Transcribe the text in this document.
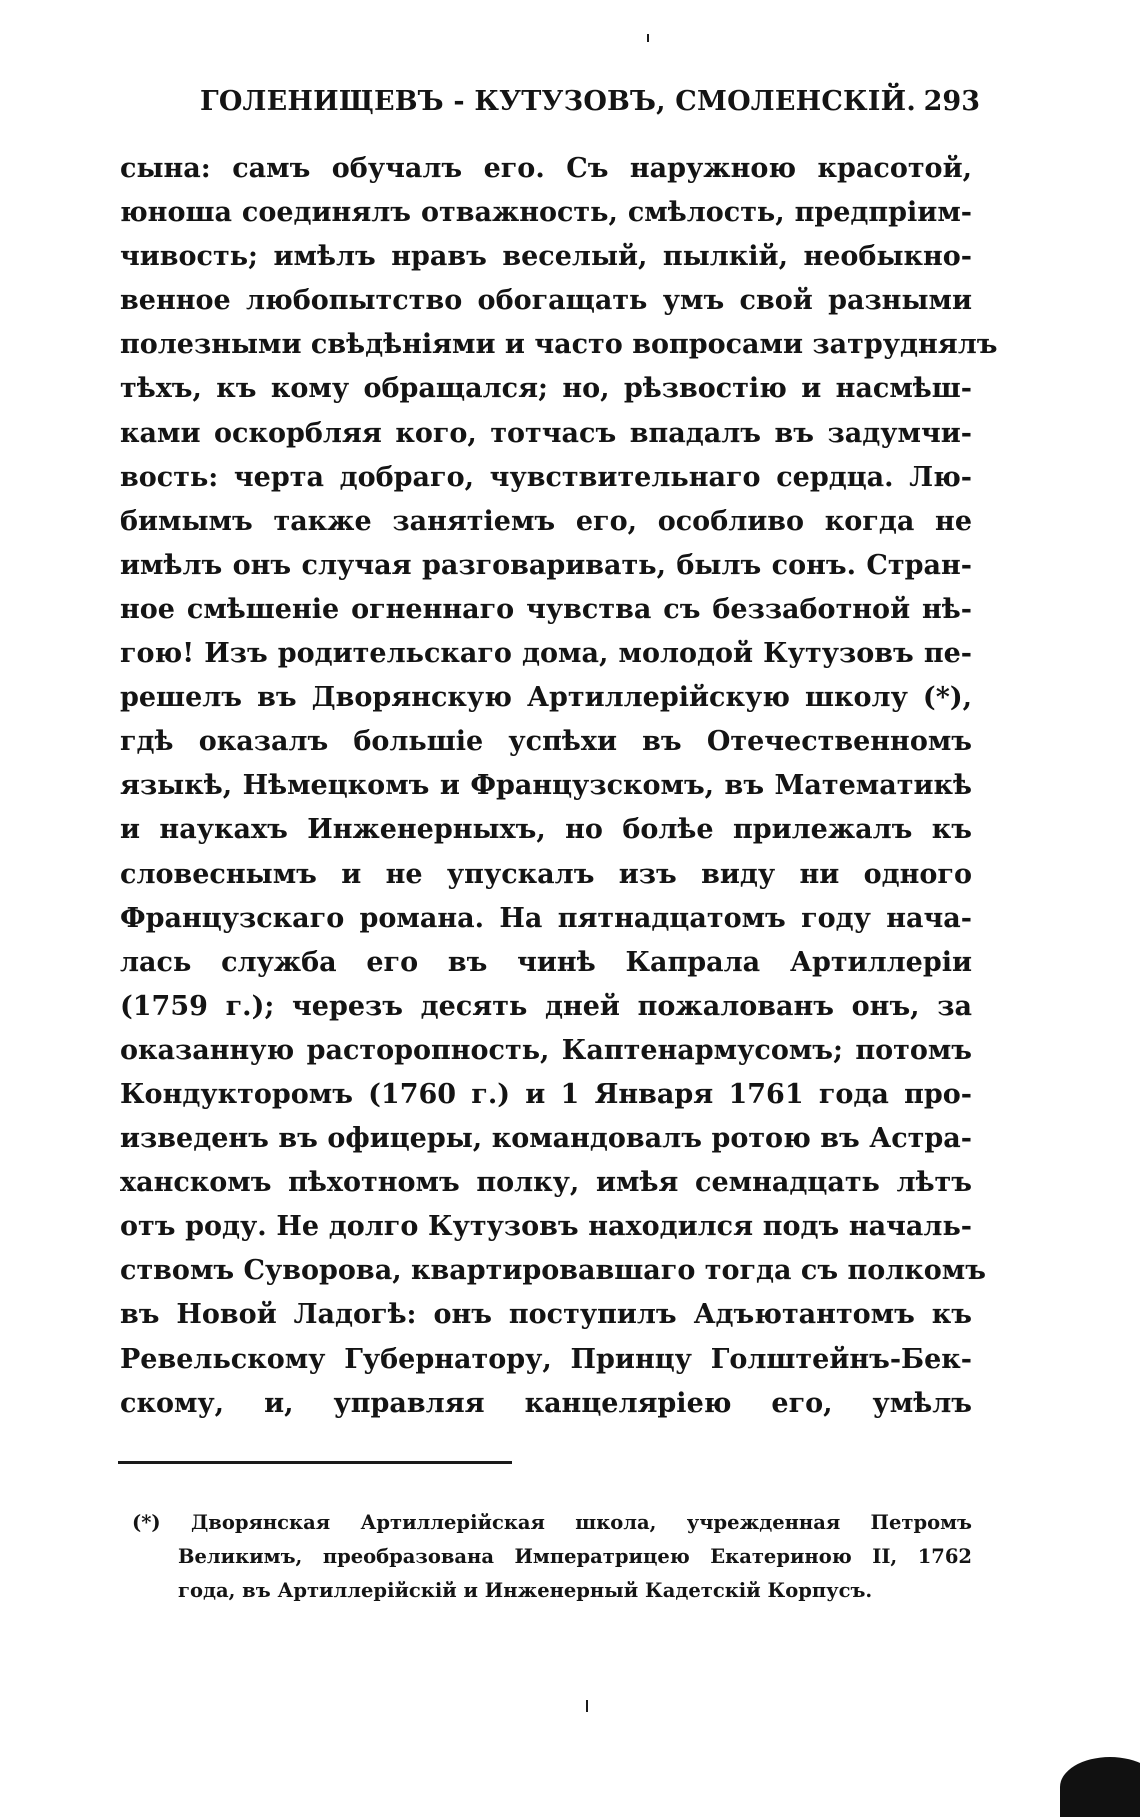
ГОЛЕНИЩЕВЪ - КУТУЗОВЪ, СМОЛЕНСКІЙ. 293
сына: самъ обучалъ его. Съ наружною красотой,
юноша соединялъ отважность, смѣлость, предпріим-
чивость; имѣлъ нравъ веселый, пылкій, необыкно-
венное любопытство обогащать умъ свой разными
полезными свѣдѣніями и часто вопросами затруднялъ
тѣхъ, къ кому обращался; но, рѣзвостію и насмѣш-
ками оскорбляя кого, тотчасъ впадалъ въ задумчи-
вость: черта добраго, чувствительнаго сердца. Лю-
бимымъ также занятіемъ его, особливо когда не
имѣлъ онъ случая разговаривать, былъ сонъ. Стран-
ное смѣшеніе огненнаго чувства съ беззаботной нѣ-
гою! Изъ родительскаго дома, молодой Кутузовъ пе-
решелъ въ Дворянскую Артиллерійскую школу (*),
гдѣ оказалъ большіе успѣхи въ Отечественномъ
языкѣ, Нѣмецкомъ и Французскомъ, въ Математикѣ
и наукахъ Инженерныхъ, но болѣе прилежалъ къ
словеснымъ и не упускалъ изъ виду ни одного
Французскаго романа. На пятнадцатомъ году нача-
лась служба его въ чинѣ Капрала Артиллеріи
(1759 г.); черезъ десять дней пожалованъ онъ, за
оказанную расторопность, Каптенармусомъ; потомъ
Кондукторомъ (1760 г.) и 1 Января 1761 года про-
изведенъ въ офицеры, командовалъ ротою въ Астра-
ханскомъ пѣхотномъ полку, имѣя семнадцать лѣтъ
отъ роду. Не долго Кутузовъ находился подъ началь-
ствомъ Суворова, квартировавшаго тогда съ полкомъ
въ Новой Ладогѣ: онъ поступилъ Адъютантомъ къ
Ревельскому Губернатору, Принцу Голштейнъ-Бек-
скому, и, управляя канцеляріею его, умѣлъ
(*) Дворянская Артиллерійская школа, учрежденная Петромъ
Великимъ, преобразована Императрицею Екатериною II, 1762
года, въ Артиллерійскій и Инженерный Кадетскій Корпусъ.
